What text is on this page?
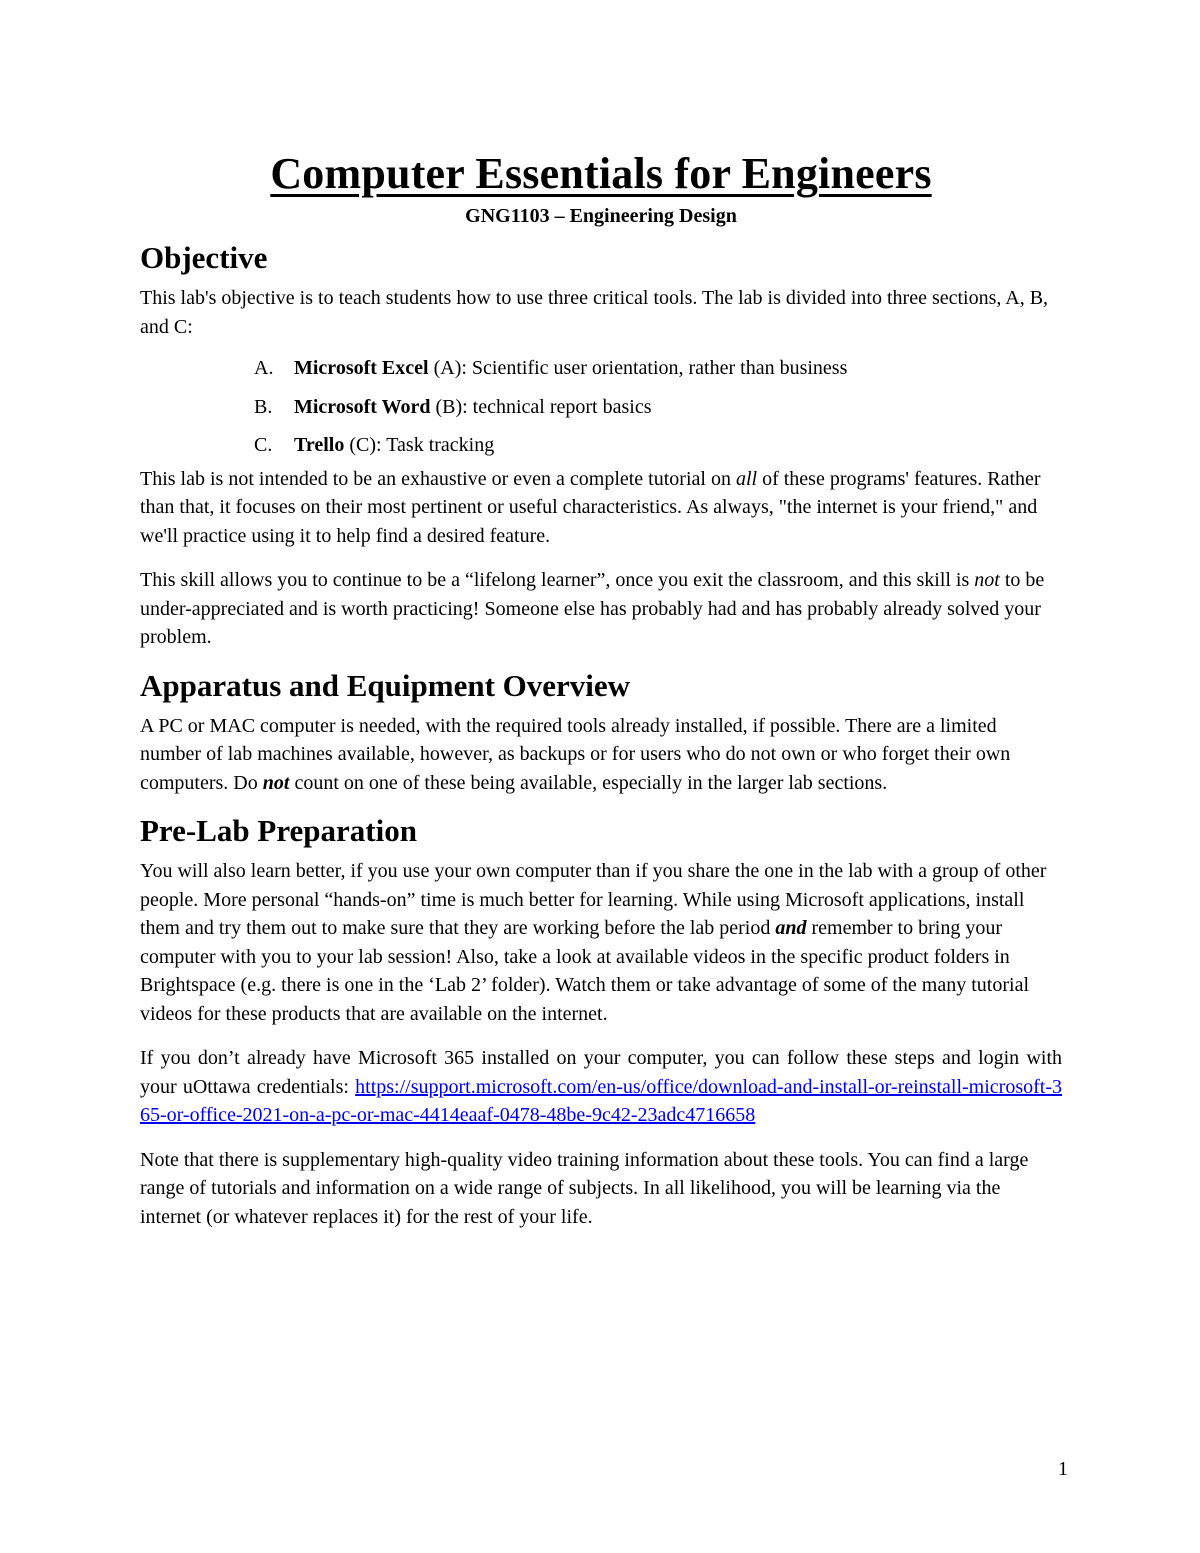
Computer Essentials for Engineers
GNG1103 – Engineering Design
Objective

This lab's objective is to teach students how to use three critical tools. The lab is divided into three sections, A, B, and C:

A. Microsoft Excel (A): Scientific user orientation, rather than business
B. Microsoft Word (B): technical report basics
C. Trello (C): Task tracking

This lab is not intended to be an exhaustive or even a complete tutorial on all of these programs' features. Rather than that, it focuses on their most pertinent or useful characteristics. As always, "the internet is your friend," and we'll practice using it to help find a desired feature.

This skill allows you to continue to be a “lifelong learner”, once you exit the classroom, and this skill is not to be under-appreciated and is worth practicing! Someone else has probably had and has probably already solved your problem.

Apparatus and Equipment Overview

A PC or MAC computer is needed, with the required tools already installed, if possible. There are a limited number of lab machines available, however, as backups or for users who do not own or who forget their own computers. Do not count on one of these being available, especially in the larger lab sections.

Pre-Lab Preparation

You will also learn better, if you use your own computer than if you share the one in the lab with a group of other people. More personal “hands-on” time is much better for learning. While using Microsoft applications, install them and try them out to make sure that they are working before the lab period and remember to bring your computer with you to your lab session! Also, take a look at available videos in the specific product folders in Brightspace (e.g. there is one in the ‘Lab 2’ folder). Watch them or take advantage of some of the many tutorial videos for these products that are available on the internet.

If you don’t already have Microsoft 365 installed on your computer, you can follow these steps and login with your uOttawa credentials: https://support.microsoft.com/en-us/office/download-and-install-or-reinstall-microsoft-365-or-office-2021-on-a-pc-or-mac-4414eaaf-0478-48be-9c42-23adc4716658

Note that there is supplementary high-quality video training information about these tools. You can find a large range of tutorials and information on a wide range of subjects. In all likelihood, you will be learning via the internet (or whatever replaces it) for the rest of your life.

1
